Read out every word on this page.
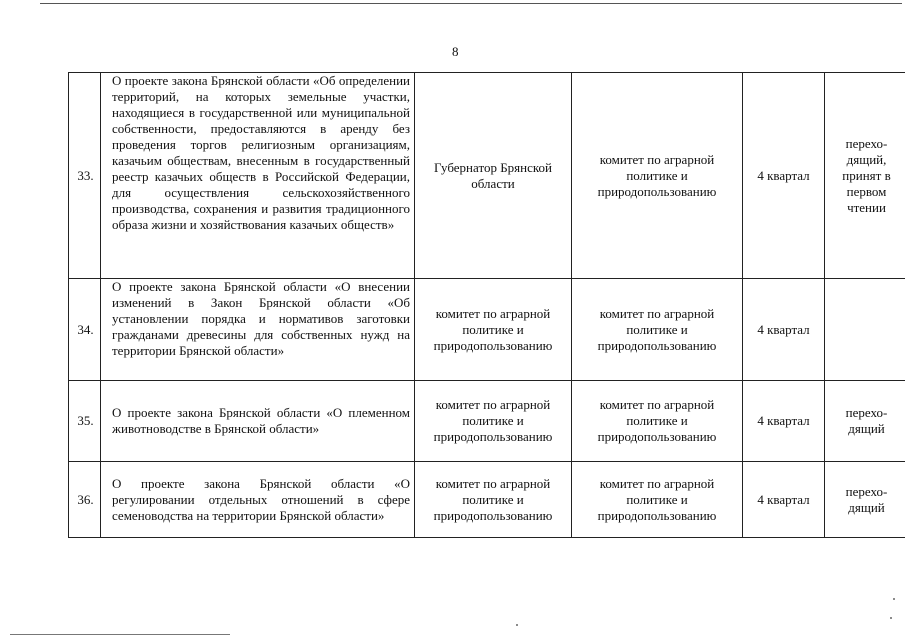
8
33.	О проекте закона Брянской области «Об определении территорий, на которых земельные участки, находящиеся в государственной или муниципальной собственности, предоставляются в аренду без проведения торгов религиозным организациям, казачьим обществам, внесенным в государственный реестр казачьих обществ в Российской Федерации, для осуществления сельскохозяйственного производства, сохранения и развития традиционного образа жизни и хозяйствования казачьих обществ»	Губернатор Брянской области	комитет по аграрной политике и природопользованию	4 квартал	перехо-
дящий, принят в первом чтении

34.	О проекте закона Брянской области «О внесении изменений в Закон Брянской области «Об установлении порядка и нормативов заготовки гражданами древесины для собственных нужд на территории Брянской области»	комитет по аграрной политике и природопользованию	комитет по аграрной политике и природопользованию	4 квартал	

35.	О проекте закона Брянской области «О племенном животноводстве в Брянской области»	комитет по аграрной политике и природопользованию	комитет по аграрной политике и природопользованию	4 квартал	перехо-
дящий

36.	О проекте закона Брянской области «О регулировании отдельных отношений в сфере семеноводства на территории Брянской области»	комитет по аграрной политике и природопользованию	комитет по аграрной политике и природопользованию	4 квартал	перехо-
дящий
